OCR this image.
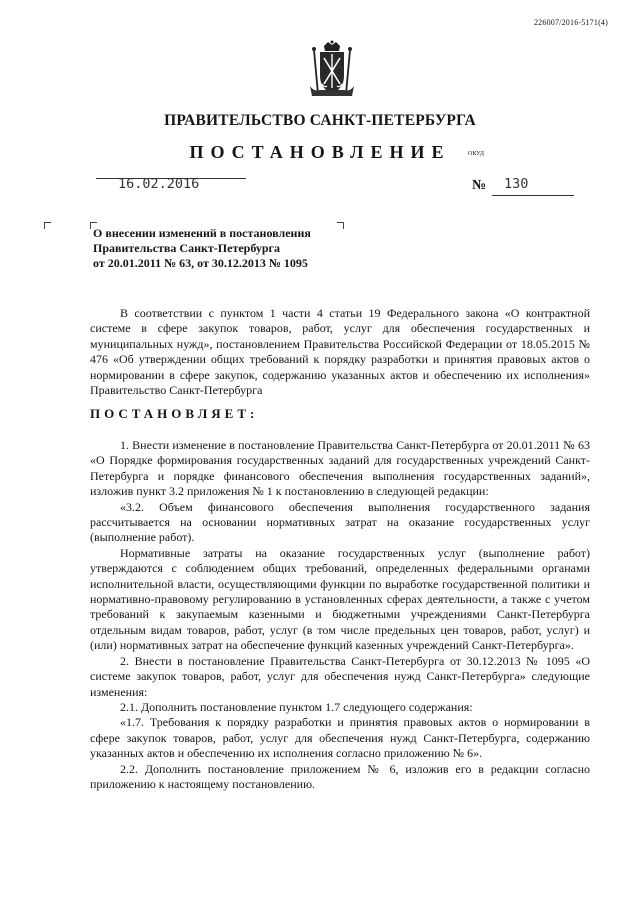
226007/2016-5171(4)
ПРАВИТЕЛЬСТВО САНКТ-ПЕТЕРБУРГА
ПОСТАНОВЛЕНИЕ	ОКУД
16.02.2016	№ 130
О внесении изменений в постановления
Правительства Санкт-Петербурга
от 20.01.2011 № 63, от 30.12.2013 № 1095

В соответствии с пунктом 1 части 4 статьи 19 Федерального закона «О контрактной системе в сфере закупок товаров, работ, услуг для обеспечения государственных и муниципальных нужд», постановлением Правительства Российской Федерации от 18.05.2015 № 476 «Об утверждении общих требований к порядку разработки и принятия правовых актов о нормировании в сфере закупок, содержанию указанных актов и обеспечению их исполнения» Правительство Санкт-Петербурга

ПОСТАНОВЛЯЕТ:

1. Внести изменение в постановление Правительства Санкт-Петербурга от 20.01.2011 № 63 «О Порядке формирования государственных заданий для государственных учреждений Санкт-Петербурга и порядке финансового обеспечения выполнения государственных заданий», изложив пункт 3.2 приложения № 1 к постановлению в следующей редакции:

«3.2. Объем финансового обеспечения выполнения государственного задания рассчитывается на основании нормативных затрат на оказание государственных услуг (выполнение работ).

Нормативные затраты на оказание государственных услуг (выполнение работ) утверждаются с соблюдением общих требований, определенных федеральными органами исполнительной власти, осуществляющими функции по выработке государственной политики и нормативно-правовому регулированию в установленных сферах деятельности, а также с учетом требований к закупаемым казенными и бюджетными учреждениями Санкт-Петербурга отдельным видам товаров, работ, услуг (в том числе предельных цен товаров, работ, услуг) и (или) нормативных затрат на обеспечение функций казенных учреждений Санкт-Петербурга».

2. Внести в постановление Правительства Санкт-Петербурга от 30.12.2013 № 1095 «О системе закупок товаров, работ, услуг для обеспечения нужд Санкт-Петербурга» следующие изменения:

2.1. Дополнить постановление пунктом 1.7 следующего содержания:

«1.7. Требования к порядку разработки и принятия правовых актов о нормировании в сфере закупок товаров, работ, услуг для обеспечения нужд Санкт-Петербурга, содержанию указанных актов и обеспечению их исполнения согласно приложению № 6».

2.2. Дополнить постановление приложением № 6, изложив его в редакции согласно приложению к настоящему постановлению.
